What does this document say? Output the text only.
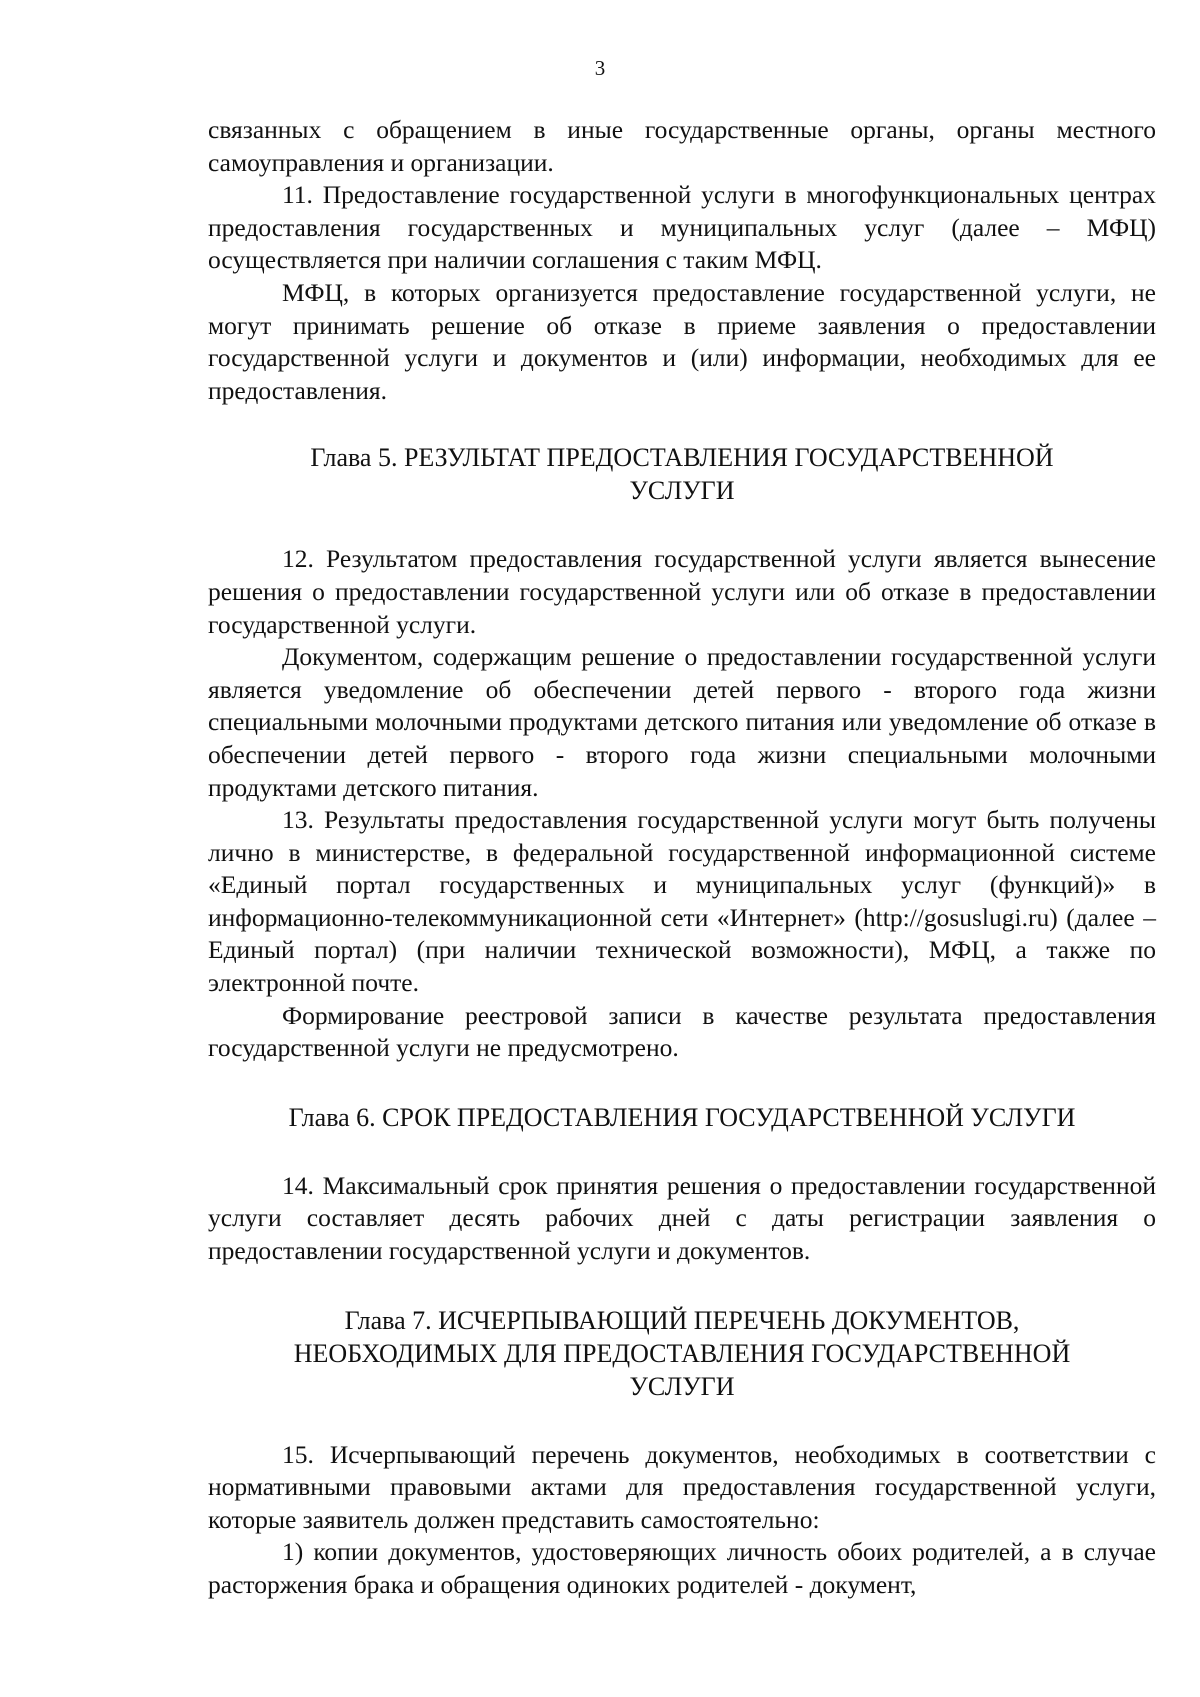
3

связанных с обращением в иные государственные органы, органы местного самоуправления и организации.

11. Предоставление государственной услуги в многофункциональных центрах предоставления государственных и муниципальных услуг (далее – МФЦ) осуществляется при наличии соглашения с таким МФЦ.

МФЦ, в которых организуется предоставление государственной услуги, не могут принимать решение об отказе в приеме заявления о предоставлении государственной услуги и документов и (или) информации, необходимых для ее предоставления.

Глава 5. РЕЗУЛЬТАТ ПРЕДОСТАВЛЕНИЯ ГОСУДАРСТВЕННОЙ
УСЛУГИ

12. Результатом предоставления государственной услуги является вынесение решения о предоставлении государственной услуги или об отказе в предоставлении государственной услуги.

Документом, содержащим решение о предоставлении государственной услуги является уведомление об обеспечении детей первого - второго года жизни специальными молочными продуктами детского питания или уведомление об отказе в обеспечении детей первого - второго года жизни специальными молочными продуктами детского питания.

13. Результаты предоставления государственной услуги могут быть получены лично в министерстве, в федеральной государственной информационной системе «Единый портал государственных и муниципальных услуг (функций)» в информационно-телекоммуникационной сети «Интернет» (http://gosuslugi.ru) (далее – Единый портал) (при наличии технической возможности), МФЦ, а также по электронной почте.

Формирование реестровой записи в качестве результата предоставления государственной услуги не предусмотрено.

Глава 6. СРОК ПРЕДОСТАВЛЕНИЯ ГОСУДАРСТВЕННОЙ УСЛУГИ

14. Максимальный срок принятия решения о предоставлении государственной услуги составляет десять рабочих дней с даты регистрации заявления о предоставлении государственной услуги и документов.

Глава 7. ИСЧЕРПЫВАЮЩИЙ ПЕРЕЧЕНЬ ДОКУМЕНТОВ,
НЕОБХОДИМЫХ ДЛЯ ПРЕДОСТАВЛЕНИЯ ГОСУДАРСТВЕННОЙ
УСЛУГИ

15. Исчерпывающий перечень документов, необходимых в соответствии с нормативными правовыми актами для предоставления государственной услуги, которые заявитель должен представить самостоятельно:

1) копии документов, удостоверяющих личность обоих родителей, а в случае расторжения брака и обращения одиноких родителей - документ,
